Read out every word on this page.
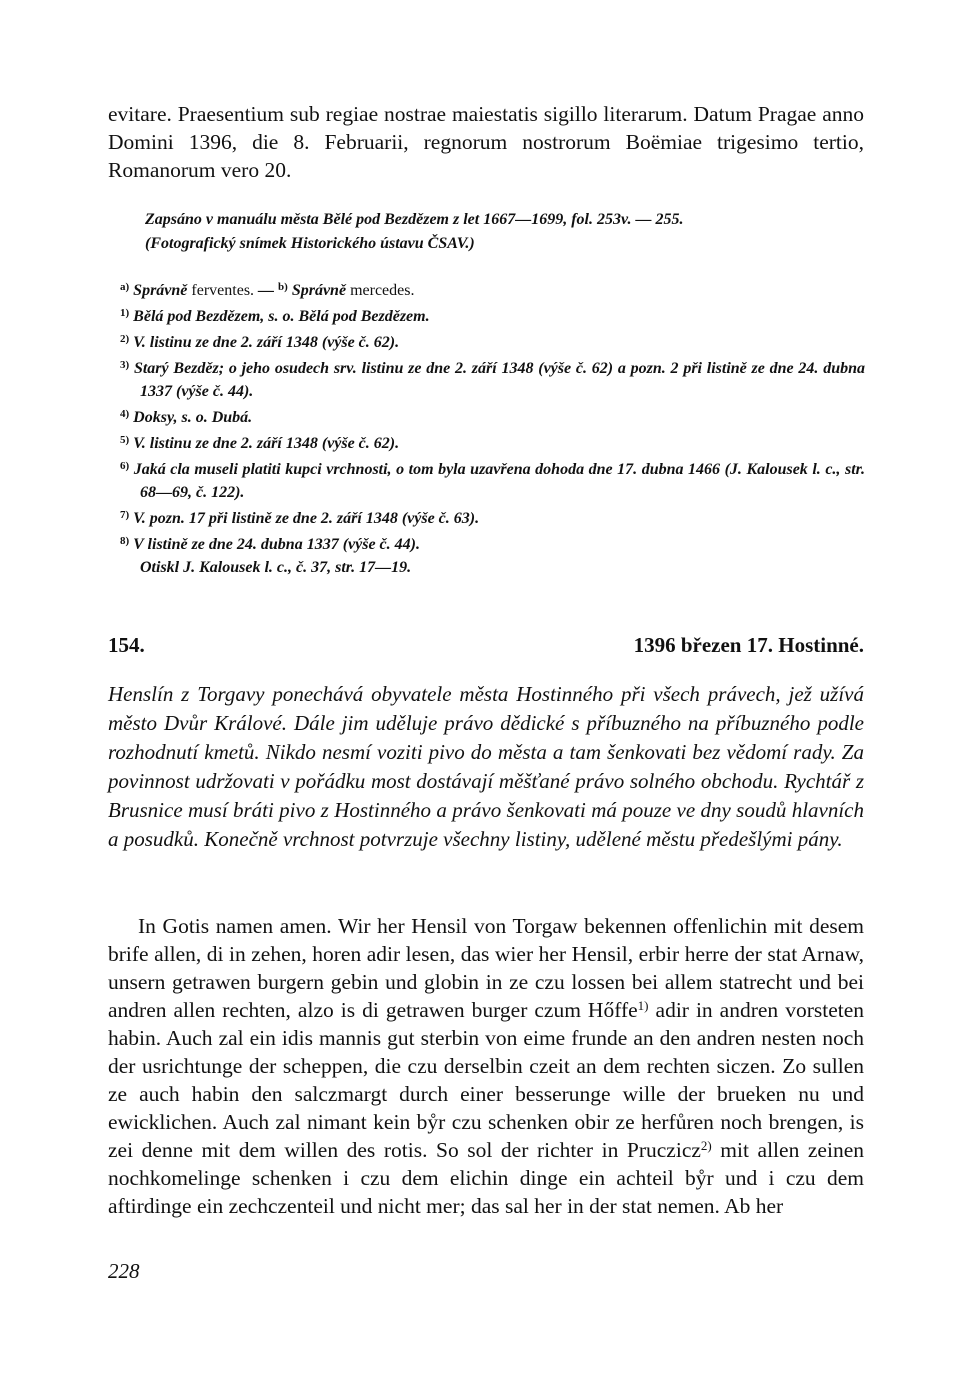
evitare. Praesentium sub regiae nostrae maiestatis sigillo literarum. Datum Pragae anno Domini 1396, die 8. Februarii, regnorum nostrorum Boëmiae trigesimo tertio, Romanorum vero 20.

Zapsáno v manuálu města Bělé pod Bezdězem z let 1667—1699, fol. 253v. — 255.
(Fotografický snímek Historického ústavu ČSAV.)
$^{a)}$ Správně ferventes. — $^{b)}$ Správně mercedes.
$^{1)}$ Bělá pod Bezdězem, s. o. Bělá pod Bezdězem.
$^{2)}$ V. listinu ze dne 2. září 1348 (výše č. 62).
$^{3)}$ Starý Bezděz; o jeho osudech srv. listinu ze dne 2. září 1348 (výše č. 62) a pozn. 2 při listině ze dne 24. dubna 1337 (výše č. 44).
$^{4)}$ Doksy, s. o. Dubá.
$^{5)}$ V. listinu ze dne 2. září 1348 (výše č. 62).
$^{6)}$ Jaká cla museli platiti kupci vrchnosti, o tom byla uzavřena dohoda dne 17. dubna 1466 (J. Kalousek l. c., str. 68—69, č. 122).
$^{7)}$ V. pozn. 17 při listině ze dne 2. září 1348 (výše č. 63).
$^{8)}$ V listině ze dne 24. dubna 1337 (výše č. 44).

Otiskl J. Kalousek l. c., č. 37, str. 17—19.

154.	1396 březen 17. Hostinné.

Henslín z Torgavy ponechává obyvatele města Hostinného při všech právech, jež užívá město Dvůr Králové. Dále jim uděluje právo dědické s příbuzného na příbuzného podle rozhodnutí kmetů. Nikdo nesmí voziti pivo do města a tam šenkovati bez vědomí rady. Za povinnost udržovati v pořádku most dostávají měšťané právo solného obchodu. Rychtář z Brusnice musí bráti pivo z Hostinného a právo šenkovati má pouze ve dny soudů hlavních a posudků. Konečně vrchnost potvrzuje všechny listiny, udělené městu předešlými pány.

In Gotis namen amen. Wir her Hensil von Torgaw bekennen offenlichin mit desem brife allen, di in zehen, horen adir lesen, das wier her Hensil, erbir herre der stat Arnaw, unsern getrawen burgern gebin und globin in ze czu lossen bei allem statrecht und bei andren allen rechten, alzo is di getrawen burger czum Hőffe$^{1)}$ adir in andren vorsteten habin. Auch zal ein idis mannis gut sterbin von eime frunde an den andren nesten noch der usrichtunge der scheppen, die czu derselbin czeit an dem rechten siczen. Zo sullen ze auch habin den salczmargt durch einer besserunge wille der brueken nu und ewicklichen. Auch zal nimant kein bẙr czu schenken obir ze herfůren noch brengen, is zei denne mit dem willen des rotis. So sol der richter in Pruczicz$^{2)}$ mit allen zeinen nochkomelinge schenken i czu dem elichin dinge ein achteil bẙr und i czu dem aftirdinge ein zechczenteil und nicht mer; das sal her in der stat nemen. Ab her

228
